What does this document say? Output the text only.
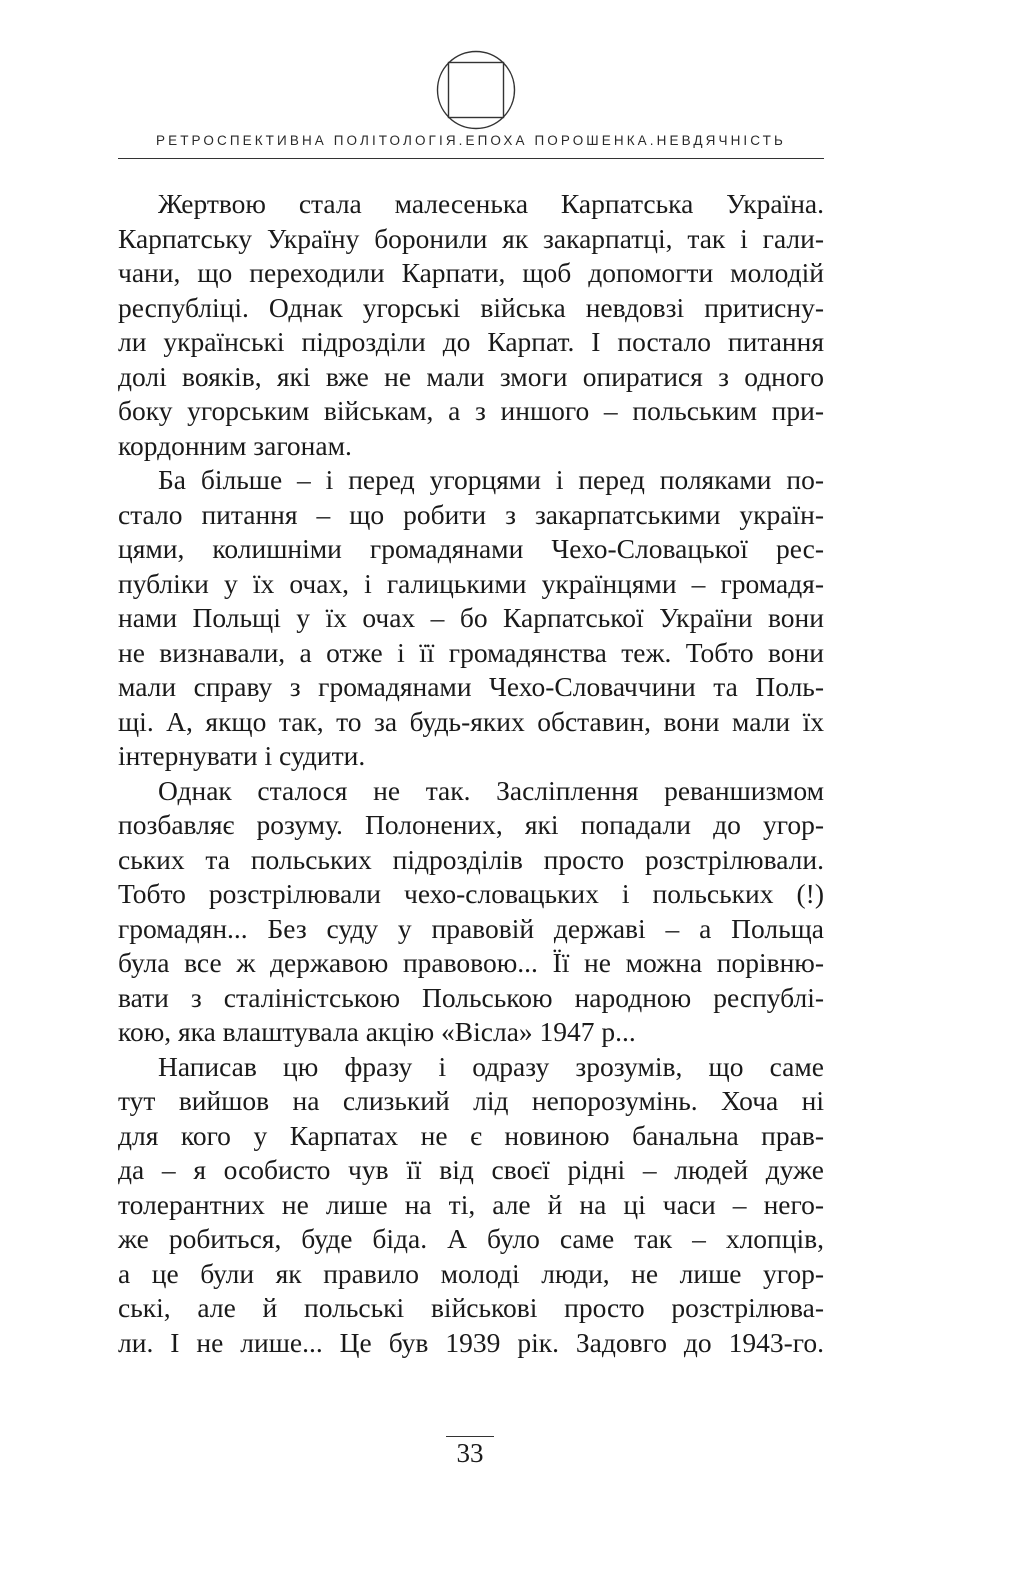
РЕТРОСПЕКТИВНА ПОЛІТОЛОГІЯ.ЕПОХА ПОРОШЕНКА.НЕВДЯЧНІСТЬ
Жертвою стала малесенька Карпатська Україна.
Карпатську Україну боронили як закарпатці, так і гали-
чани, що переходили Карпати, щоб допомогти молодій
республіці. Однак угорські війська невдовзі притисну-
ли українські підрозділи до Карпат. І постало питання
долі вояків, які вже не мали змоги опиратися з одного
боку угорським військам, а з иншого – польським при-
кордонним загонам.
Ба більше – і перед угорцями і перед поляками по-
стало питання – що робити з закарпатськими україн-
цями, колишніми громадянами Чехо-Словацької рес-
публіки у їх очах, і галицькими українцями – громадя-
нами Польщі у їх очах – бо Карпатської України вони
не визнавали, а отже і її громадянства теж. Тобто вони
мали справу з громадянами Чехо-Словаччини та Поль-
щі. А, якщо так, то за будь-яких обставин, вони мали їх
інтернувати і судити.
Однак сталося не так. Засліплення реваншизмом
позбавляє розуму. Полонених, які попадали до угор-
ських та польських підрозділів просто розстрілювали.
Тобто розстрілювали чехо-словацьких і польських (!)
громадян... Без суду у правовій державі – а Польща
була все ж державою правовою... Її не можна порівню-
вати з сталіністською Польською народною республі-
кою, яка влаштувала акцію «Вісла» 1947 р...
Написав цю фразу і одразу зрозумів, що саме
тут вийшов на слизький лід непорозумінь. Хоча ні
для кого у Карпатах не є новиною банальна прав-
да – я особисто чув її від своєї рідні – людей дуже
толерантних не лише на ті, але й на ці часи – него-
же робиться, буде біда. А було саме так – хлопців,
а це були як правило молоді люди, не лише угор-
ські, але й польські військові просто розстрілюва-
ли. І не лише... Це був 1939 рік. Задовго до 1943-го.
33
